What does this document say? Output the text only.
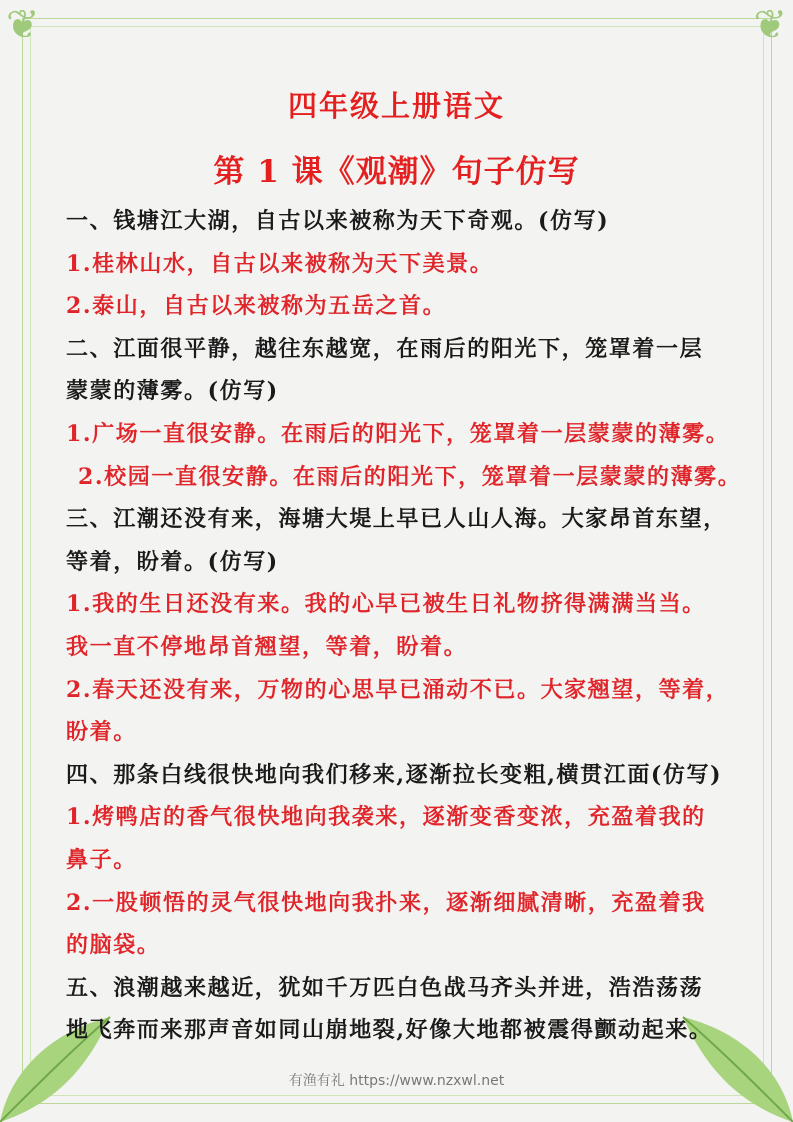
❦	❦
四年级上册语文
第 1 课《观潮》句子仿写
一、钱塘江大湖，自古以来被称为天下奇观。(仿写)
1.桂林山水，自古以来被称为天下美景。
2.泰山，自古以来被称为五岳之首。
二、江面很平静，越往东越宽，在雨后的阳光下，笼罩着一层
蒙蒙的薄雾。(仿写)
1.广场一直很安静。在雨后的阳光下，笼罩着一层蒙蒙的薄雾。
2.校园一直很安静。在雨后的阳光下，笼罩着一层蒙蒙的薄雾。
三、江潮还没有来，海塘大堤上早已人山人海。大家昂首东望，
等着，盼着。(仿写)
1.我的生日还没有来。我的心早已被生日礼物挤得满满当当。
我一直不停地昂首翘望，等着，盼着。
2.春天还没有来，万物的心思早已涌动不已。大家翘望，等着，
盼着。
四、那条白线很快地向我们移来,逐渐拉长变粗,横贯江面(仿写)
1.烤鸭店的香气很快地向我袭来，逐渐变香变浓，充盈着我的
鼻子。
2.一股顿悟的灵气很快地向我扑来，逐渐细腻清晰，充盈着我
的脑袋。
五、浪潮越来越近，犹如千万匹白色战马齐头并进，浩浩荡荡
地飞奔而来那声音如同山崩地裂,好像大地都被震得颤动起来。
有渔有礼 https://www.nzxwl.net
